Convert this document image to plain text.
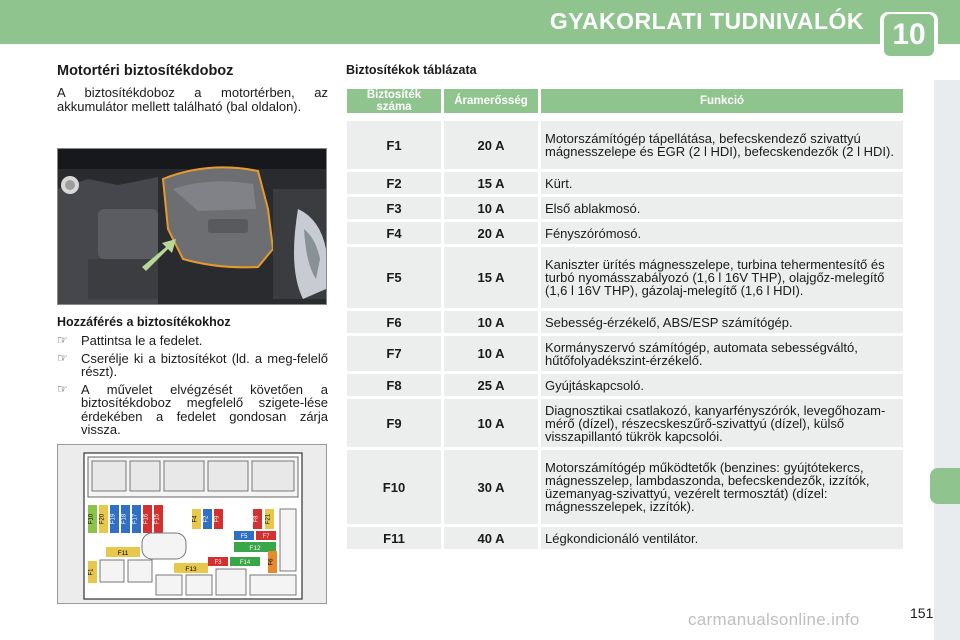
GYAKORLATI TUDNIVALÓK 10
Motortéri biztosítékdoboz

A biztosítékdoboz a motortérben, az akkumulátor mellett található (bal oldalon).

Hozzáférés a biztosítékokhoz
☞ Pattintsa le a fedelet.
☞ Cserélje ki a biztosítékot (ld. a meg-felelő részt).
☞ A művelet elvégzését követően a biztosítékdoboz megfelelő szigete-lése érdekében a fedelet gondosan zárja vissza.
F10 F20 F19 F18 F17 F16 F15	F4 F2 F9	F8 F21
F5 F7
F12
F11
F3	F14
F1	F13
F6
Biztosítékok táblázata
Biztosíték száma	Áramerősség	Funkció

F1	20 A	Motorszámítógép tápellátása, befecskendező szivattyú mágnesszelepe és EGR (2 l HDI), befecskendezők (2 l HDI).
F2	15 A	Kürt.
F3	10 A	Első ablakmosó.
F4	20 A	Fényszórómosó.
F5	15 A	Kaniszter ürítés mágnesszelepe, turbina tehermentesítő és turbó nyomásszabályozó (1,6 l 16V THP), olajgőz-melegítő (1,6 l 16V THP), gázolaj-melegítő (1,6 l HDI).
F6	10 A	Sebesség-érzékelő, ABS/ESP számítógép.
F7	10 A	Kormányszervó számítógép, automata sebességváltó, hűtőfolyadékszint-érzékelő.
F8	25 A	Gyújtáskapcsoló.
F9	10 A	Diagnosztikai csatlakozó, kanyarfényszórók, levegőhozam-mérő (dízel), részecskeszűrő-szivattyú (dízel), külső visszapillantó tükrök kapcsolói.
F10	30 A	Motorszámítógép működtetők (benzines: gyújtótekercs, mágnesszelep, lambdaszonda, befecskendezők, izzítók, üzemanyag-szivattyú, vezérelt termosztát) (dízel: mágnesszelepek, izzítók).
F11	40 A	Légkondicionáló ventilátor.
carmanualsonline.info	151
